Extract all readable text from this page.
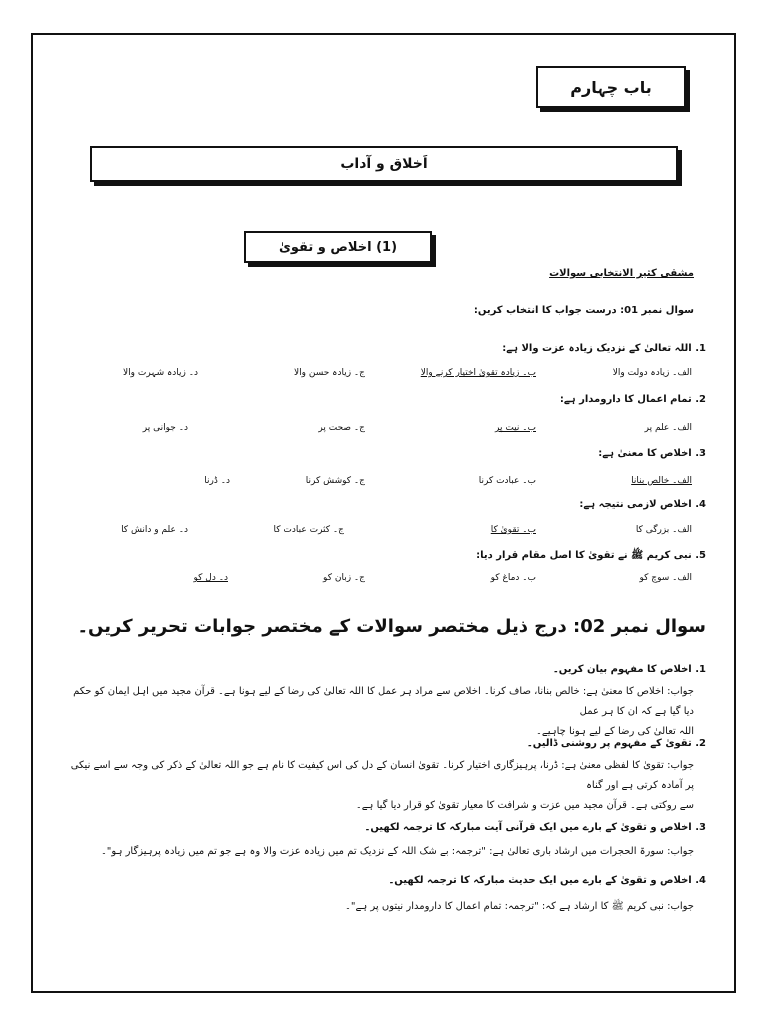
باب چہارم
اَخلاق و آداب
(1) اخلاص و تقویٰ
مشقی کثیر الانتخابی سوالات
سوال نمبر 01: درست جواب کا انتخاب کریں:
1. اللہ تعالیٰ کے نزدیک زیادہ عزت والا ہے:
الف۔ زیادہ دولت والا
ب۔ زیادہ تقویٰ اختیار کرنے والا
ج۔ زیادہ حسن والا
د۔ زیادہ شہرت والا
2. تمام اعمال کا دارومدار ہے:
الف۔ علم پر
ب۔ نیت پر
ج۔ صحت پر
د۔ جوانی پر
3. اخلاص کا معنیٰ ہے:
الف۔ خالص بنانا
ب۔ عبادت کرنا
ج۔ کوشش کرنا
د۔ ڈرنا
4. اخلاص لازمی نتیجہ ہے:
الف۔ بزرگی کا
ب۔ تقویٰ کا
ج۔ کثرت عبادت کا
د۔ علم و دانش کا
5. نبی کریم ﷺ نے تقویٰ کا اصل مقام قرار دیا:
الف۔ سوچ کو
ب۔ دماغ کو
ج۔ زبان کو
د۔ دل کو
سوال نمبر 02: درج ذیل مختصر سوالات کے مختصر جوابات تحریر کریں۔
1. اخلاص کا مفہوم بیان کریں۔
جواب: اخلاص کا معنیٰ ہے: خالص بنانا، صاف کرنا۔ اخلاص سے مراد ہر عمل کا اللہ تعالیٰ کی رضا کے لیے ہونا ہے۔ قرآن مجید میں اہل ایمان کو حکم دیا گیا ہے کہ ان کا ہر عمل
اللہ تعالیٰ کی رضا کے لیے ہونا چاہیے۔
2. تقویٰ کے مفہوم پر روشنی ڈالیں۔
جواب: تقویٰ کا لفظی معنیٰ ہے: ڈرنا، پرہیزگاری اختیار کرنا۔ تقویٰ انسان کے دل کی اس کیفیت کا نام ہے جو اللہ تعالیٰ کے ذکر کی وجہ سے اسے نیکی پر آمادہ کرتی ہے اور گناہ
سے روکتی ہے۔ قرآن مجید میں عزت و شرافت کا معیار تقویٰ کو قرار دیا گیا ہے۔
3. اخلاص و تقویٰ کے بارے میں ایک قرآنی آیت مبارکہ کا ترجمہ لکھیں۔
جواب: سورۃ الحجرات میں ارشاد باری تعالیٰ ہے: "ترجمہ: بے شک اللہ کے نزدیک تم میں زیادہ عزت والا وہ ہے جو تم میں زیادہ پرہیزگار ہو"۔
4. اخلاص و تقویٰ کے بارے میں ایک حدیث مبارکہ کا ترجمہ لکھیں۔
جواب: نبی کریم ﷺ کا ارشاد ہے کہ: "ترجمہ: تمام اعمال کا دارومدار نیتوں پر ہے"۔
